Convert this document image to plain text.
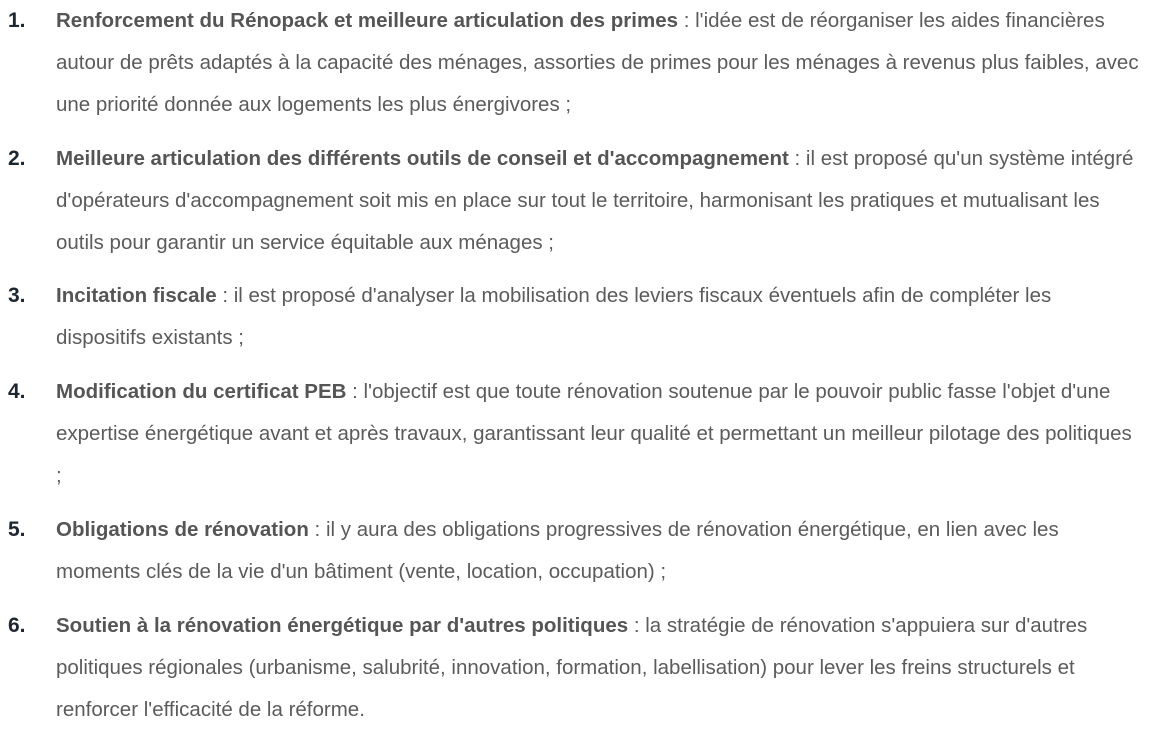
1. Renforcement du Rénopack et meilleure articulation des primes : l'idée est de réorganiser les aides financières autour de prêts adaptés à la capacité des ménages, assorties de primes pour les ménages à revenus plus faibles, avec une priorité donnée aux logements les plus énergivores ;
2. Meilleure articulation des différents outils de conseil et d'accompagnement : il est proposé qu'un système intégré d'opérateurs d'accompagnement soit mis en place sur tout le territoire, harmonisant les pratiques et mutualisant les outils pour garantir un service équitable aux ménages ;
3. Incitation fiscale : il est proposé d'analyser la mobilisation des leviers fiscaux éventuels afin de compléter les dispositifs existants ;
4. Modification du certificat PEB : l'objectif est que toute rénovation soutenue par le pouvoir public fasse l'objet d'une expertise énergétique avant et après travaux, garantissant leur qualité et permettant un meilleur pilotage des politiques ;
5. Obligations de rénovation : il y aura des obligations progressives de rénovation énergétique, en lien avec les moments clés de la vie d'un bâtiment (vente, location, occupation) ;
6. Soutien à la rénovation énergétique par d'autres politiques : la stratégie de rénovation s'appuiera sur d'autres politiques régionales (urbanisme, salubrité, innovation, formation, labellisation) pour lever les freins structurels et renforcer l'efficacité de la réforme.
